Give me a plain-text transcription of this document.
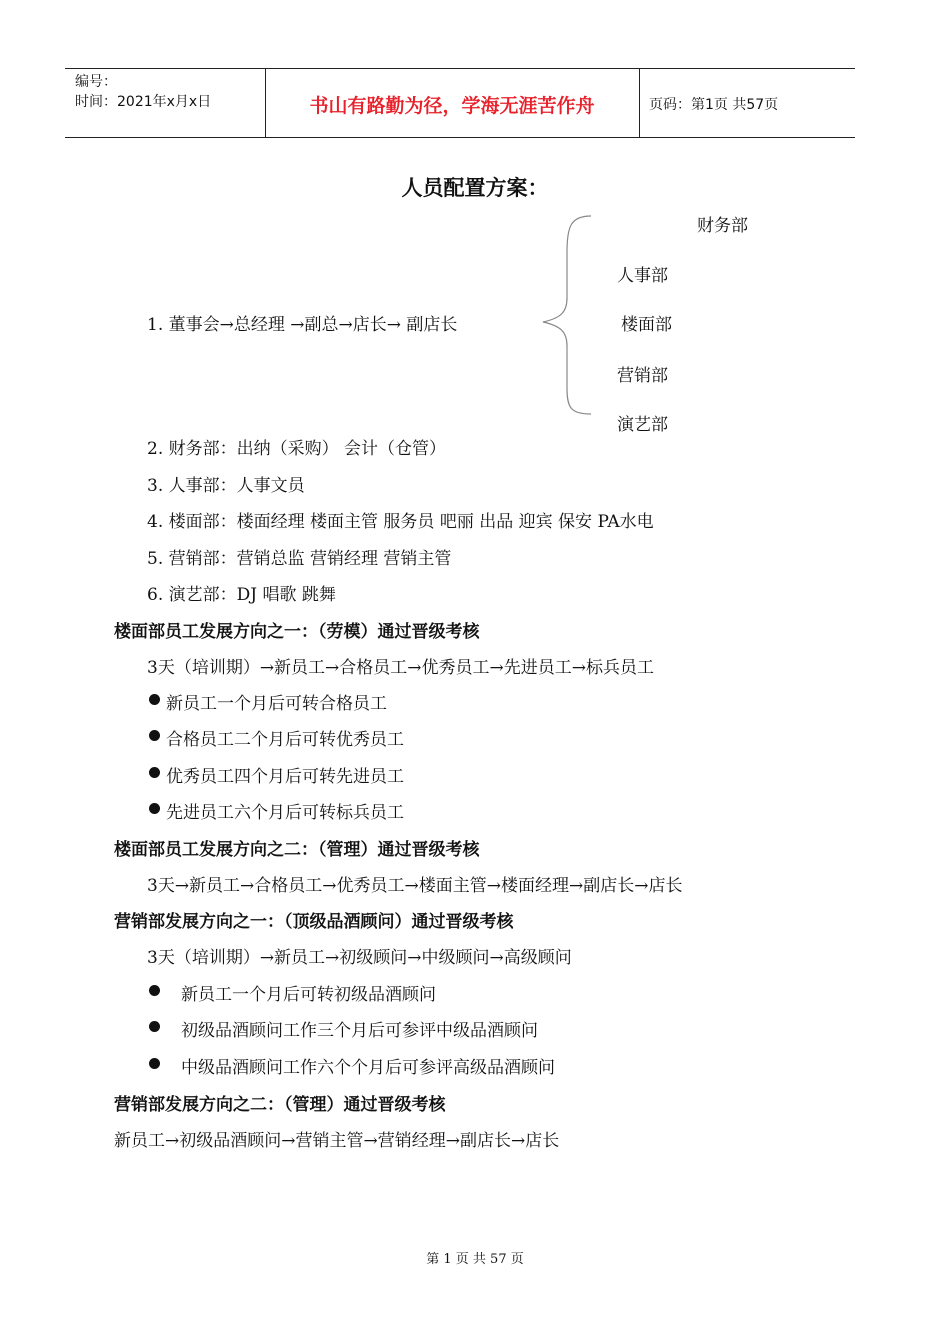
编号：
时间：2021年x月x日	书山有路勤为径，学海无涯苦作舟	页码：第1页 共57页
人员配置方案：
1. 董事会→总经理 →副总→店长→ 副店长
财务部
人事部
楼面部
营销部
演艺部
2. 财务部：出纳（采购） 会计（仓管）
3. 人事部：人事文员
4. 楼面部：楼面经理 楼面主管 服务员 吧丽 出品 迎宾 保安 PA水电
5. 营销部：营销总监 营销经理 营销主管
6. 演艺部：DJ 唱歌 跳舞
楼面部员工发展方向之一：（劳模）通过晋级考核
3天（培训期）→新员工→合格员工→优秀员工→先进员工→标兵员工
新员工一个月后可转合格员工
合格员工二个月后可转优秀员工
优秀员工四个月后可转先进员工
先进员工六个月后可转标兵员工
楼面部员工发展方向之二：（管理）通过晋级考核
3天→新员工→合格员工→优秀员工→楼面主管→楼面经理→副店长→店长
营销部发展方向之一：（顶级品酒顾问）通过晋级考核
3天（培训期）→新员工→初级顾问→中级顾问→高级顾问
新员工一个月后可转初级品酒顾问
初级品酒顾问工作三个月后可参评中级品酒顾问
中级品酒顾问工作六个个月后可参评高级品酒顾问
营销部发展方向之二：（管理）通过晋级考核
新员工→初级品酒顾问→营销主管→营销经理→副店长→店长
第 1 页 共 57 页
